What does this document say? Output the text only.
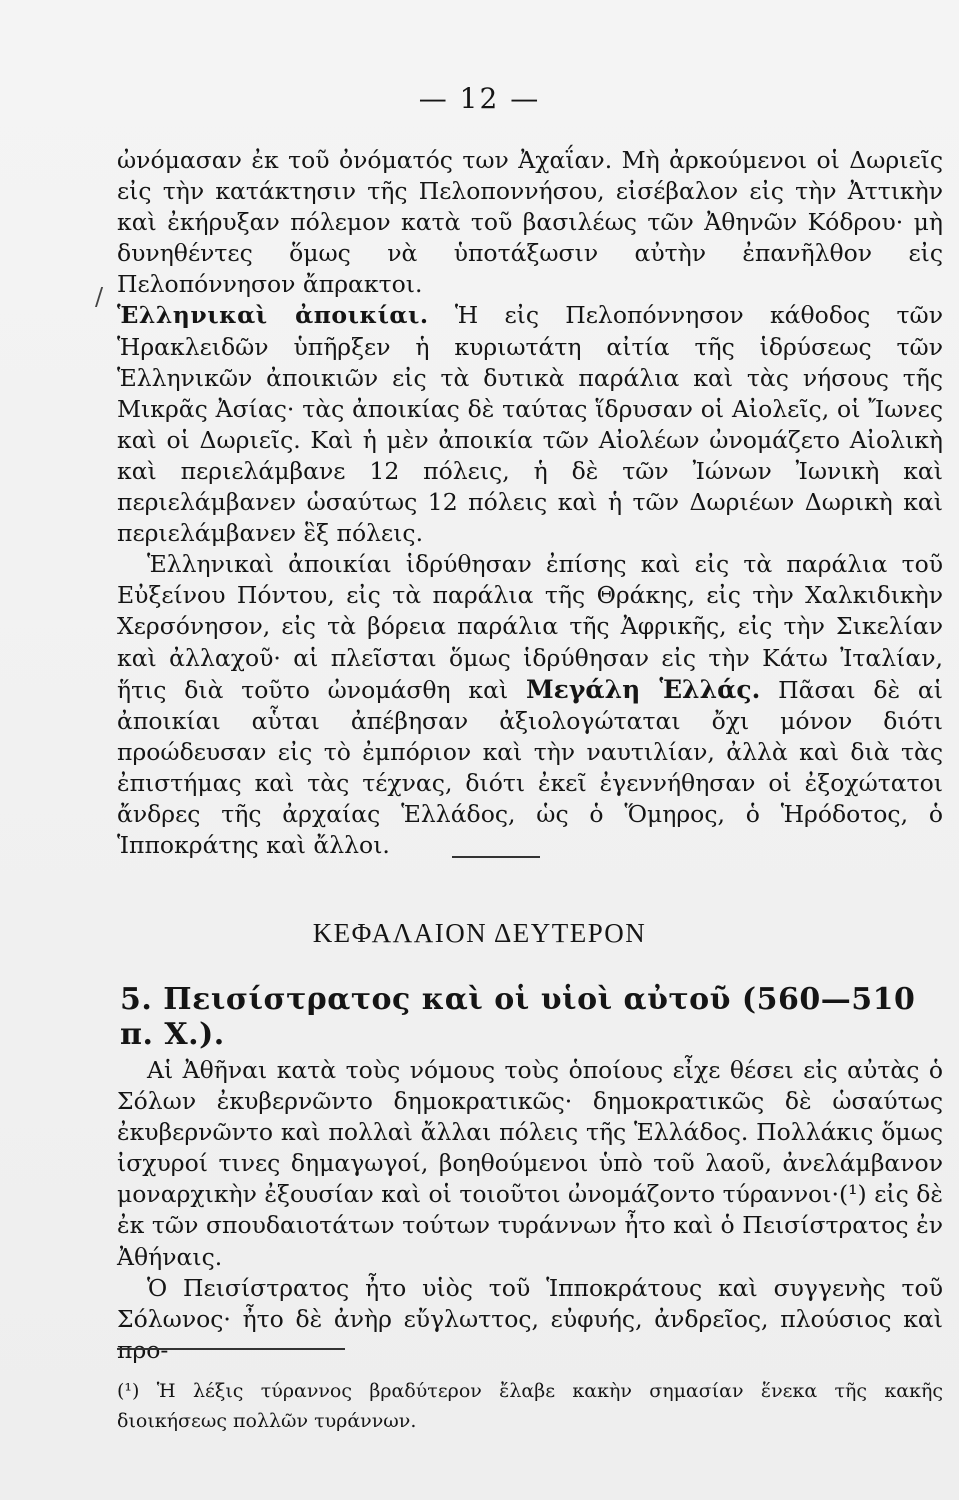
— 12 —
/

ὠνόμασαν ἐκ τοῦ ὀνόματός των Ἀχαΐαν. Μὴ ἀρκούμενοι οἱ Δωριεῖς εἰς τὴν κατάκτησιν τῆς Πελοποννήσου, εἰσέβαλον εἰς τὴν Ἀττικὴν καὶ ἐκήρυξαν πόλεμον κατὰ τοῦ βασιλέως τῶν Ἀθηνῶν Κόδρου· μὴ δυνηθέντες ὅμως νὰ ὑποτάξωσιν αὐτὴν ἐπανῆλθον εἰς Πελοπόννησον ἄπρακτοι.

Ἑλληνικαὶ ἀποικίαι. Ἡ εἰς Πελοπόννησον κάθοδος τῶν Ἡρακλειδῶν ὑπῆρξεν ἡ κυριωτάτη αἰτία τῆς ἱδρύσεως τῶν Ἑλληνικῶν ἀποικιῶν εἰς τὰ δυτικὰ παράλια καὶ τὰς νήσους τῆς Μικρᾶς Ἀσίας· τὰς ἀποικίας δὲ ταύτας ἵδρυσαν οἱ Αἰολεῖς, οἱ Ἴωνες καὶ οἱ Δωριεῖς. Καὶ ἡ μὲν ἀποικία τῶν Αἰολέων ὠνομάζετο Αἰολικὴ καὶ περιελάμβανε 12 πόλεις, ἡ δὲ τῶν Ἰώνων Ἰωνικὴ καὶ περιελάμβανεν ὡσαύτως 12 πόλεις καὶ ἡ τῶν Δωριέων Δωρικὴ καὶ περιελάμβανεν ἓξ πόλεις.

Ἑλληνικαὶ ἀποικίαι ἱδρύθησαν ἐπίσης καὶ εἰς τὰ παράλια τοῦ Εὐξείνου Πόντου, εἰς τὰ παράλια τῆς Θράκης, εἰς τὴν Χαλκιδικὴν Χερσόνησον, εἰς τὰ βόρεια παράλια τῆς Ἀφρικῆς, εἰς τὴν Σικελίαν καὶ ἀλλαχοῦ· αἱ πλεῖσται ὅμως ἱδρύθησαν εἰς τὴν Κάτω Ἰταλίαν, ἥτις διὰ τοῦτο ὠνομάσθη καὶ Μεγάλη Ἑλλάς. Πᾶσαι δὲ αἱ ἀποικίαι αὗται ἀπέβησαν ἀξιολογώταται ὄχι μόνον διότι προώδευσαν εἰς τὸ ἐμπόριον καὶ τὴν ναυτιλίαν, ἀλλὰ καὶ διὰ τὰς ἐπιστήμας καὶ τὰς τέχνας, διότι ἐκεῖ ἐγεννήθησαν οἱ ἐξοχώτατοι ἄνδρες τῆς ἀρχαίας Ἑλλάδος, ὡς ὁ Ὅμηρος, ὁ Ἡρόδοτος, ὁ Ἱπποκράτης καὶ ἄλλοι.

ΚΕΦΑΛΑΙΟΝ ΔΕΥΤΕΡΟΝ
5. Πεισίστρατος καὶ οἱ υἱοὶ αὐτοῦ (560—510 π. Χ.).

Αἱ Ἀθῆναι κατὰ τοὺς νόμους τοὺς ὁποίους εἶχε θέσει εἰς αὐτὰς ὁ Σόλων ἐκυβερνῶντο δημοκρατικῶς· δημοκρατικῶς δὲ ὡσαύτως ἐκυβερνῶντο καὶ πολλαὶ ἄλλαι πόλεις τῆς Ἑλλάδος. Πολλάκις ὅμως ἰσχυροί τινες δημαγωγοί, βοηθούμενοι ὑπὸ τοῦ λαοῦ, ἀνελάμβανον μοναρχικὴν ἐξουσίαν καὶ οἱ τοιοῦτοι ὠνομάζοντο τύραννοι·(¹) εἰς δὲ ἐκ τῶν σπουδαιοτάτων τούτων τυράννων ἦτο καὶ ὁ Πεισίστρατος ἐν Ἀθήναις.

Ὁ Πεισίστρατος ἦτο υἱὸς τοῦ Ἱπποκράτους καὶ συγγενὴς τοῦ Σόλωνος· ἦτο δὲ ἀνὴρ εὔγλωττος, εὐφυής, ἀνδρεῖος, πλούσιος καὶ προ-

(¹) Ἡ λέξις τύραννος βραδύτερον ἔλαβε κακὴν σημασίαν ἕνεκα τῆς κακῆς διοικήσεως πολλῶν τυράννων.
